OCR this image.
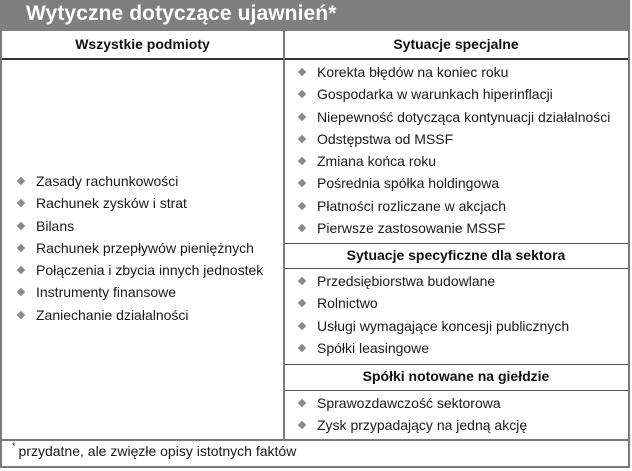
Wytyczne dotyczące ujawnień*
Wszystkie podmioty	Sytuacje specjalne
Zasady rachunkowości
Rachunek zysków i strat
Bilans
Rachunek przepływów pieniężnych
Połączenia i zbycia innych jednostek
Instrumenty finansowe
Zaniechanie działalności
Korekta błędów na koniec roku
Gospodarka w warunkach hiperinflacji
Niepewność dotycząca kontynuacji działalności
Odstępstwa od MSSF
Zmiana końca roku
Pośrednia spółka holdingowa
Płatności rozliczane w akcjach
Pierwsze zastosowanie MSSF
Sytuacje specyficzne dla sektora
Przedsiębiorstwa budowlane
Rolnictwo
Usługi wymagające koncesji publicznych
Spółki leasingowe
Spółki notowane na giełdzie
Sprawozdawczość sektorowa
Zysk przypadający na jedną akcję
* przydatne, ale zwięzłe opisy istotnych faktów
